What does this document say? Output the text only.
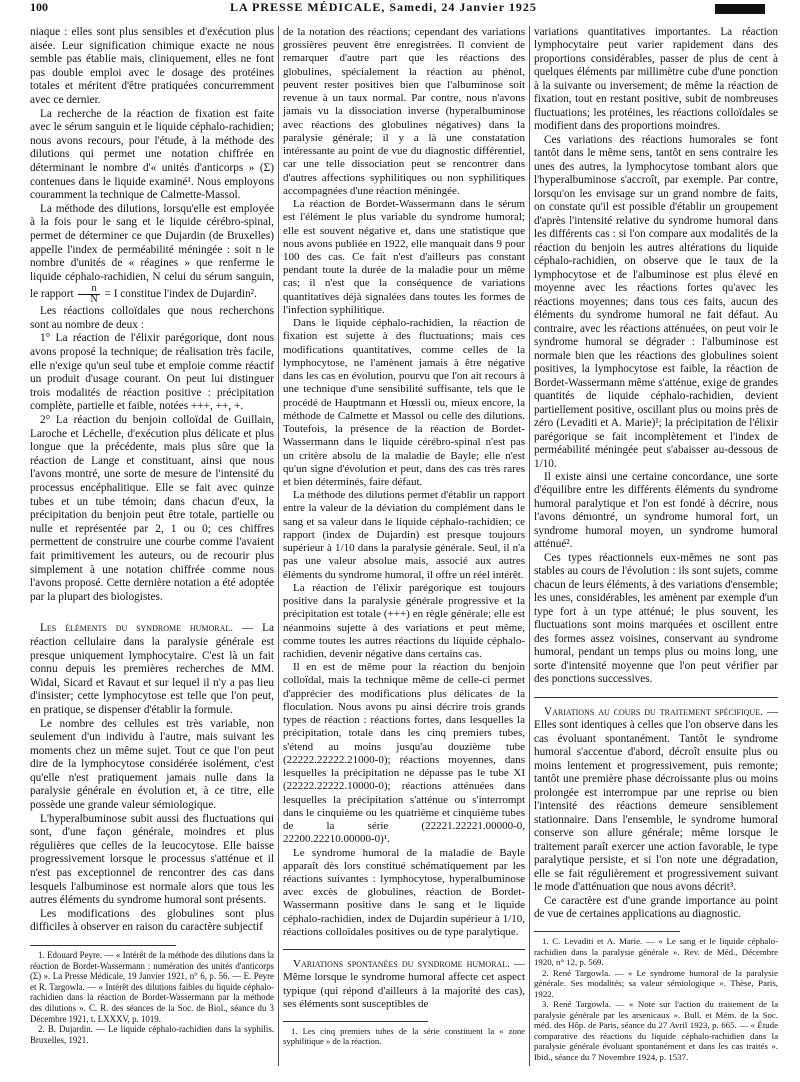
100	LA PRESSE MÉDICALE, Samedi, 24 Janvier 1925

niaque : elles sont plus sensibles et d'exécution plus aisée. Leur signification chimique exacte ne nous semble pas établie mais, cliniquement, elles ne font pas double emploi avec le dosage des protéines totales et méritent d'être pratiquées concurremment avec ce dernier.

La recherche de la réaction de fixation est faite avec le sérum sanguin et le liquide céphalo-rachidien; nous avons recours, pour l'étude, à la méthode des dilutions qui permet une notation chiffrée en déterminant le nombre d'« unités d'anticorps » (Σ) contenues dans le liquide examiné¹. Nous employons couramment la technique de Calmette-Massol.

La méthode des dilutions, lorsqu'elle est employée à la fois pour le sang et le liquide cérébro-spinal, permet de déterminer ce que Dujardin (de Bruxelles) appelle l'index de perméabilité méningée : soit n le nombre d'unités de « réagines » que renferme le liquide céphalo-rachidien, N celui du sérum sanguin, le rapport $\frac{n}{N} = I$ constitue l'index de Dujardin².

Les réactions colloïdales que nous recherchons sont au nombre de deux :

1° La réaction de l'élixir parégorique, dont nous avons proposé la technique; de réalisation très facile, elle n'exige qu'un seul tube et emploie comme réactif un produit d'usage courant. On peut lui distinguer trois modalités de réaction positive : précipitation complète, partielle et faible, notées +++, ++, +.

2° La réaction du benjoin colloïdal de Guillain, Laroche et Léchelle, d'exécution plus délicate et plus longue que la précédente, mais plus sûre que la réaction de Lange et constituant, ainsi que nous l'avons montré, une sorte de mesure de l'intensité du processus encéphalitique. Elle se fait avec quinze tubes et un tube témoin; dans chacun d'eux, la précipitation du benjoin peut être totale, partielle ou nulle et représentée par 2, 1 ou 0; ces chiffres permettent de construire une courbe comme l'avaient fait primitivement les auteurs, ou de recourir plus simplement à une notation chiffrée comme nous l'avons proposé. Cette dernière notation a été adoptée par la plupart des biologistes.

Les éléments du syndrome humoral. — La réaction cellulaire dans la paralysie générale est presque uniquement lymphocytaire. C'est là un fait connu depuis les premières recherches de MM. Widal, Sicard et Ravaut et sur lequel il n'y a pas lieu d'insister; cette lymphocytose est telle que l'on peut, en pratique, se dispenser d'établir la formule.

Le nombre des cellules est très variable, non seulement d'un individu à l'autre, mais suivant les moments chez un même sujet. Tout ce que l'on peut dire de la lymphocytose considérée isolément, c'est qu'elle n'est pratiquement jamais nulle dans la paralysie générale en évolution et, à ce titre, elle possède une grande valeur sémiologique.

L'hyperalbuminose subit aussi des fluctuations qui sont, d'une façon générale, moindres et plus régulières que celles de la leucocytose. Elle baisse progressivement lorsque le processus s'atténue et il n'est pas exceptionnel de rencontrer des cas dans lesquels l'albuminose est normale alors que tous les autres éléments du syndrome humoral sont présents.

Les modifications des globulines sont plus difficiles à observer en raison du caractère subjectif

1. Edouard Peyre. — « Intérêt de la méthode des dilutions dans la réaction de Bordet-Wassermann : numération des unités d'anticorps (Σ) ». La Presse Médicale, 19 Janvier 1921, n° 6, p. 56. — E. Peyre et R. Targowla. — « Intérêt des dilutions faibles du liquide céphalo-rachidien dans la réaction de Bordet-Wassermann par la méthode des dilutions ». C. R. des séances de la Soc. de Biol., séance du 3 Décembre 1921, t. LXXXV, p. 1019.

2. B. Dujardin. — Le liquide céphalo-rachidien dans la syphilis. Bruxelles, 1921.

de la notation des réactions; cependant des variations grossières peuvent être enregistrées. Il convient de remarquer d'autre part que les réactions des globulines, spécialement la réaction au phénol, peuvent rester positives bien que l'albuminose soit revenue à un taux normal. Par contre, nous n'avons jamais vu la dissociation inverse (hyperalbuminose avec réactions des globulines négatives) dans la paralysie générale; il y a là une constatation intéressante au point de vue du diagnostic différentiel, car une telle dissociation peut se rencontrer dans d'autres affections syphilitiques ou non syphilitiques accompagnées d'une réaction méningée.

La réaction de Bordet-Wassermann dans le sérum est l'élément le plus variable du syndrome humoral; elle est souvent négative et, dans une statistique que nous avons publiée en 1922, elle manquait dans 9 pour 100 des cas. Ce fait n'est d'ailleurs pas constant pendant toute la durée de la maladie pour un même cas; il n'est que la conséquence de variations quantitatives déjà signalées dans toutes les formes de l'infection syphilitique.

Dans le liquide céphalo-rachidien, la réaction de fixation est sujette à des fluctuations; mais ces modifications quantitatives, comme celles de la lymphocytose, ne l'amènent jamais à être négative dans les cas en évolution, pourvu que l'on ait recours à une technique d'une sensibilité suffisante, tels que le procédé de Hauptmann et Hœssli ou, mieux encore, la méthode de Calmette et Massol ou celle des dilutions. Toutefois, la présence de la réaction de Bordet-Wassermann dans le liquide cérébro-spinal n'est pas un critère absolu de la maladie de Bayle; elle n'est qu'un signe d'évolution et peut, dans des cas très rares et bien déterminés, faire défaut.

La méthode des dilutions permet d'établir un rapport entre la valeur de la déviation du complément dans le sang et sa valeur dans le liquide céphalo-rachidien; ce rapport (index de Dujardin) est presque toujours supérieur à 1/10 dans la paralysie générale. Seul, il n'a pas une valeur absolue mais, associé aux autres éléments du syndrome humoral, il offre un réel intérêt.

La réaction de l'élixir parégorique est toujours positive dans la paralysie générale progressive et la précipitation est totale (+++) en règle générale; elle est néanmoins sujette à des variations et peut même, comme toutes les autres réactions du liquide céphalo-rachidien, devenir négative dans certains cas.

Il en est de même pour la réaction du benjoin colloïdal, mais la technique même de celle-ci permet d'apprécier des modifications plus délicates de la floculation. Nous avons pu ainsi décrire trois grands types de réaction : réactions fortes, dans lesquelles la précipitation, totale dans les cinq premiers tubes, s'étend au moins jusqu'au douzième tube (22222.22222.21000-0); réactions moyennes, dans lesquelles la précipitation ne dépasse pas le tube XI (22222.22222.10000-0); réactions atténuées dans lesquelles la précipitation s'atténue ou s'interrompt dans le cinquième ou les quatrième et cinquième tubes de la série (22221.22221.00000-0, 22200.22210.00000-0)¹.

Le syndrome humoral de la maladie de Bayle apparaît dès lors constitué schématiquement par les réactions suivantes : lymphocytose, hyperalbuminose avec excès de globulines, réaction de Bordet-Wassermann positive dans le sang et le liquide céphalo-rachidien, index de Dujardin supérieur à 1/10, réactions colloïdales positives ou de type paralytique.

Variations spontanées du syndrome humoral. — Même lorsque le syndrome humoral affecte cet aspect typique (qui répond d'ailleurs à la majorité des cas), ses éléments sont susceptibles de

1. Les cinq premiers tubes de la série constituent la « zone syphilitique » de la réaction.

variations quantitatives importantes. La réaction lymphocytaire peut varier rapidement dans des proportions considérables, passer de plus de cent à quelques éléments par millimètre cube d'une ponction à la suivante ou inversement; de même la réaction de fixation, tout en restant positive, subit de nombreuses fluctuations; les protéines, les réactions colloïdales se modifient dans des proportions moindres.

Ces variations des réactions humorales se font tantôt dans le même sens, tantôt en sens contraire les unes des autres, la lymphocytose tombant alors que l'hyperalbuminose s'accroît, par exemple. Par contre, lorsqu'on les envisage sur un grand nombre de faits, on constate qu'il est possible d'établir un groupement d'après l'intensité relative du syndrome humoral dans les différents cas : si l'on compare aux modalités de la réaction du benjoin les autres altérations du liquide céphalo-rachidien, on observe que le taux de la lymphocytose et de l'albuminose est plus élevé en moyenne avec les réactions fortes qu'avec les réactions moyennes; dans tous ces faits, aucun des éléments du syndrome humoral ne fait défaut. Au contraire, avec les réactions atténuées, on peut voir le syndrome humoral se dégrader : l'albuminose est normale bien que les réactions des globulines soient positives, la lymphocytose est faible, la réaction de Bordet-Wassermann même s'atténue, exige de grandes quantités de liquide céphalo-rachidien, devient partiellement positive, oscillant plus ou moins près de zéro (Levaditi et A. Marie)¹; la précipitation de l'élixir parégorique se fait incomplètement et l'index de perméabilité méningée peut s'abaisser au-dessous de 1/10.

Il existe ainsi une certaine concordance, une sorte d'équilibre entre les différents éléments du syndrome humoral paralytique et l'on est fondé à décrire, nous l'avons démontré, un syndrome humoral fort, un syndrome humoral moyen, un syndrome humoral atténué².

Ces types réactionnels eux-mêmes ne sont pas stables au cours de l'évolution : ils sont sujets, comme chacun de leurs éléments, à des variations d'ensemble; les unes, considérables, les amènent par exemple d'un type fort à un type atténué; le plus souvent, les fluctuations sont moins marquées et oscillent entre des formes assez voisines, conservant au syndrome humoral, pendant un temps plus ou moins long, une sorte d'intensité moyenne que l'on peut vérifier par des ponctions successives.

Variations au cours du traitement spécifique. — Elles sont identiques à celles que l'on observe dans les cas évoluant spontanément. Tantôt le syndrome humoral s'accentue d'abord, décroît ensuite plus ou moins lentement et progressivement, puis remonte; tantôt une première phase décroissante plus ou moins prolongée est interrompue par une reprise ou bien l'intensité des réactions demeure sensiblement stationnaire. Dans l'ensemble, le syndrome humoral conserve son allure générale; même lorsque le traitement paraît exercer une action favorable, le type paralytique persiste, et si l'on note une dégradation, elle se fait régulièrement et progressivement suivant le mode d'atténuation que nous avons décrit³.

Ce caractère est d'une grande importance au point de vue de certaines applications au diagnostic.

1. C. Levaditi et A. Marie. — « Le sang et le liquide céphalo-rachidien dans la paralysie générale ». Rev. de Méd., Décembre 1920, n° 12, p. 569.

2. René Targowla. — « Le syndrome humoral de la paralysie générale. Ses modalités; sa valeur sémiologique ». Thèse, Paris, 1922.

3. René Targowla. — « Note sur l'action du traitement de la paralysie générale par les arsenicaux ». Bull. et Mém. de la Soc. méd. des Hôp. de Paris, séance du 27 Avril 1923, p. 665. — « Étude comparative des réactions du liquide céphalo-rachidien dans la paralysie générale évoluant spontanément et dans les cas traités ». Ibid., séance du 7 Novembre 1924, p. 1537.
